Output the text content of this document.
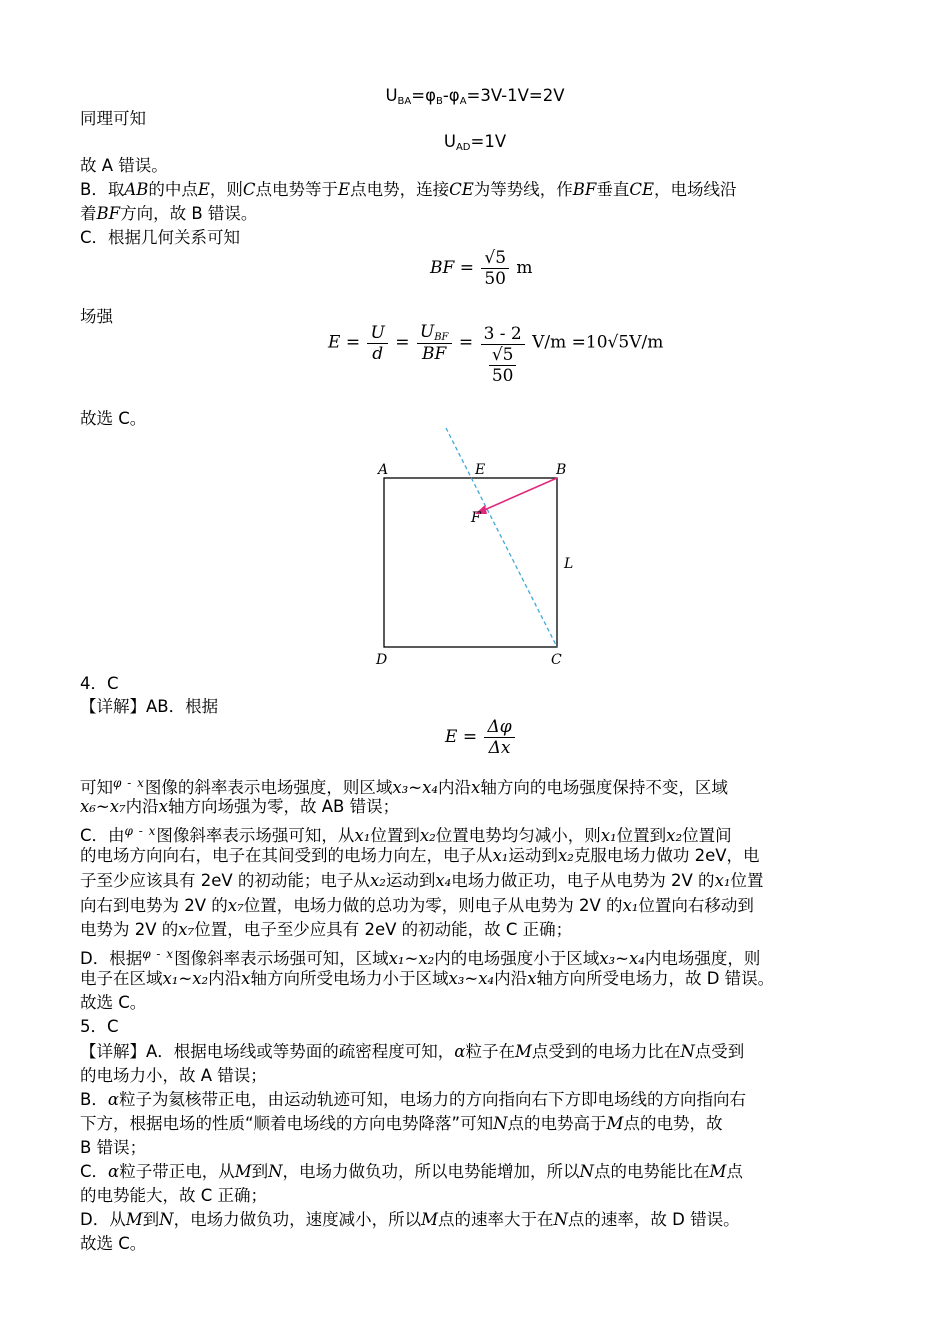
$U_{BA}=\varphi_B-\varphi_A=3V-1V=2V$
同理可知
$U_{AD}=1V$
故 A 错误。
B．取AB的中点E，则C点电势等于E点电势，连接CE为等势线，作BF垂直CE，电场线沿
着BF方向，故 B 错误。
C．根据几何关系可知
BF = $\frac{√5}{50}$ m
场强
$E = \frac{U}{d} = \frac{U_{BF}}{BF} = \frac{3 - 2}{\frac{√5}{50}} V/m =10√5V/m$
故选 C。
A	E	B
F
L
D	C
4．C
【详解】AB．根据
$E = \frac{\Delta\varphi}{\Delta x}$
可知$^{\varphi - x}$图像的斜率表示电场强度，则区域x₃~x₄内沿x轴方向的电场强度保持不变，区域
x₆~x₇内沿x轴方向场强为零，故 AB 错误；
C．由$^{\varphi - x}$图像斜率表示场强可知，从x₁位置到x₂位置电势均匀减小，则x₁位置到x₂位置间
的电场方向向右，电子在其间受到的电场力向左，电子从x₁运动到x₂克服电场力做功 2eV，电
子至少应该具有 2eV 的初动能；电子从x₂运动到x₄电场力做正功，电子从电势为 2V 的x₁位置
向右到电势为 2V 的x₇位置，电场力做的总功为零，则电子从电势为 2V 的x₁位置向右移动到
电势为 2V 的x₇位置，电子至少应具有 2eV 的初动能，故 C 正确；
D．根据$^{\varphi - x}$图像斜率表示场强可知，区域x₁~x₂内的电场强度小于区域x₃~x₄内电场强度，则
电子在区域x₁~x₂内沿x轴方向所受电场力小于区域x₃~x₄内沿x轴方向所受电场力，故 D 错误。
故选 C。
5．C
【详解】A．根据电场线或等势面的疏密程度可知，α粒子在M点受到的电场力比在N点受到
的电场力小，故 A 错误；
B．α粒子为氦核带正电，由运动轨迹可知，电场力的方向指向右下方即电场线的方向指向右
下方，根据电场的性质“顺着电场线的方向电势降落”可知N点的电势高于M点的电势，故
B 错误；
C．α粒子带正电，从M到N，电场力做负功，所以电势能增加，所以N点的电势能比在M点
的电势能大，故 C 正确；
D．从M到N，电场力做负功，速度减小，所以M点的速率大于在N点的速率，故 D 错误。
故选 C。
